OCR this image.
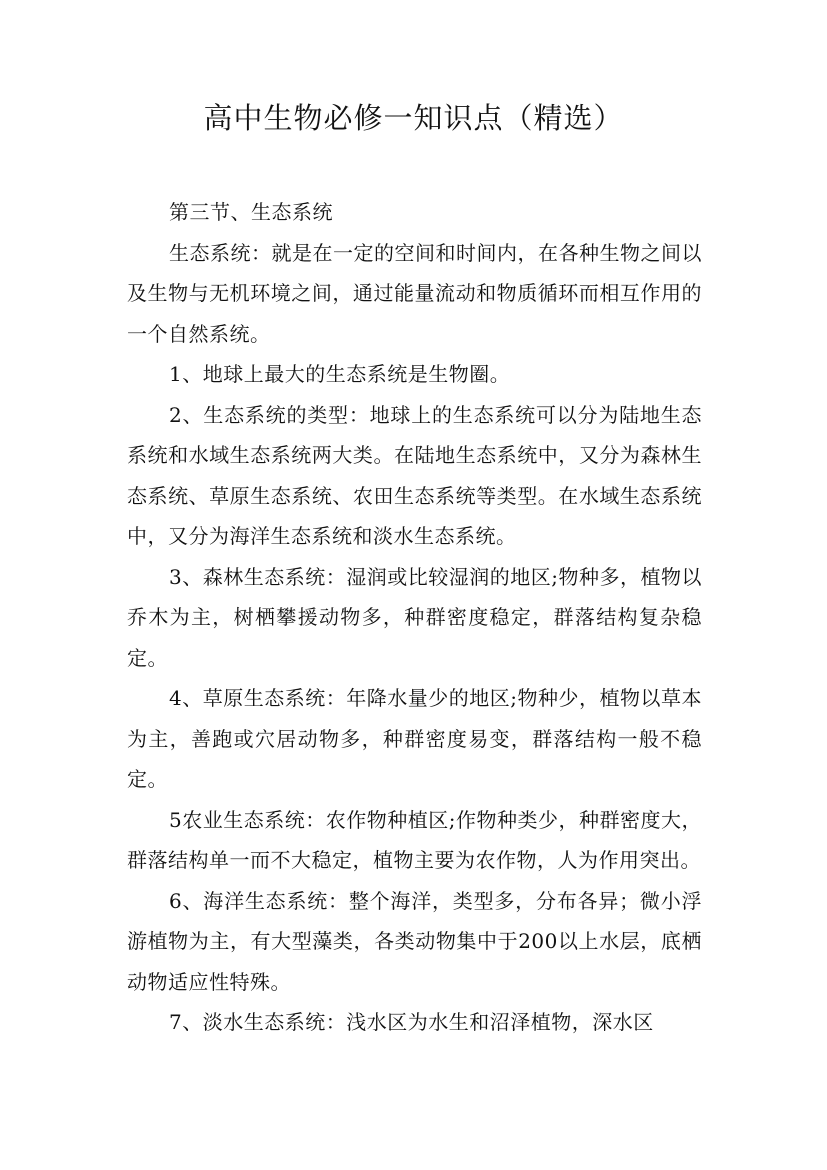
高中生物必修一知识点（精选）

第三节、生态系统

生态系统：就是在一定的空间和时间内，在各种生物之间以及生物与无机环境之间，通过能量流动和物质循环而相互作用的一个自然系统。

1、地球上最大的生态系统是生物圈。

2、生态系统的类型：地球上的生态系统可以分为陆地生态系统和水域生态系统两大类。在陆地生态系统中，又分为森林生态系统、草原生态系统、农田生态系统等类型。在水域生态系统中，又分为海洋生态系统和淡水生态系统。

3、森林生态系统：湿润或比较湿润的地区;物种多，植物以乔木为主，树栖攀援动物多，种群密度稳定，群落结构复杂稳定。

4、草原生态系统：年降水量少的地区;物种少，植物以草本为主，善跑或穴居动物多，种群密度易变，群落结构一般不稳定。

5农业生态系统：农作物种植区;作物种类少，种群密度大，群落结构单一而不大稳定，植物主要为农作物，人为作用突出。

6、海洋生态系统：整个海洋，类型多，分布各异；微小浮游植物为主，有大型藻类，各类动物集中于200以上水层，底栖动物适应性特殊。

7、淡水生态系统：浅水区为水生和沼泽植物，深水区
